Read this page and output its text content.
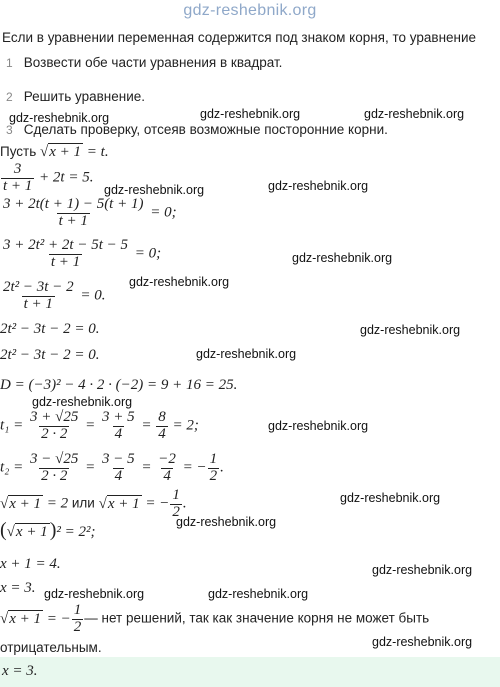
gdz-reshebnik.org
Если в уравнении переменная содержится под знаком корня, то уравнение
1 Возвести обе части уравнения в квадрат.
2 Решить уравнение.
3 Сделать проверку, отсеяв возможные посторонние корни.
Пусть √x + 1 = t.
$\frac{3}{t + 1} + 2t = 5$.
$\frac{3 + 2t(t + 1) - 5(t + 1)}{t + 1} = 0$;
$\frac{\text{3 + 2t² + 2t − 5t − 5}}{t + 1} = 0$;
$\frac{\text{2t² − 3t − 2}}{t + 1} = 0$.
2t² − 3t − 2 = 0.
2t² − 3t − 2 = 0.
D = (−3)² − 4 · 2 · (−2) = 9 + 16 = 25.
$t_1 = \frac{3 + √25}{2 \cdot 2} = \frac{3 + 5}{4} = \frac{8}{4} = 2$;
$t_2 = \frac{3 - √25}{2 \cdot 2} = \frac{3 - 5}{4} = \frac{-2}{4}$ = − $\frac{1}{2}$ .
√x + 1 = 2 или √x + 1 = − $\frac{1}{2}$ .
(√x + 1 )² = 2²;
x + 1 = 4.
x = 3.
√x + 1 = − $\frac{1}{2}$ — нет решений, так как значение корня не может быть
отрицательным.
x = 3.
gdz-reshebnik.org	gdz-reshebnik.org	gdz-reshebnik.org
gdz-reshebnik.org	gdz-reshebnik.org
gdz-reshebnik.org
gdz-reshebnik.org
gdz-reshebnik.org
gdz-reshebnik.org
gdz-reshebnik.org
gdz-reshebnik.org
gdz-reshebnik.org
gdz-reshebnik.org
gdz-reshebnik.org
gdz-reshebnik.org	gdz-reshebnik.org
gdz-reshebnik.org
